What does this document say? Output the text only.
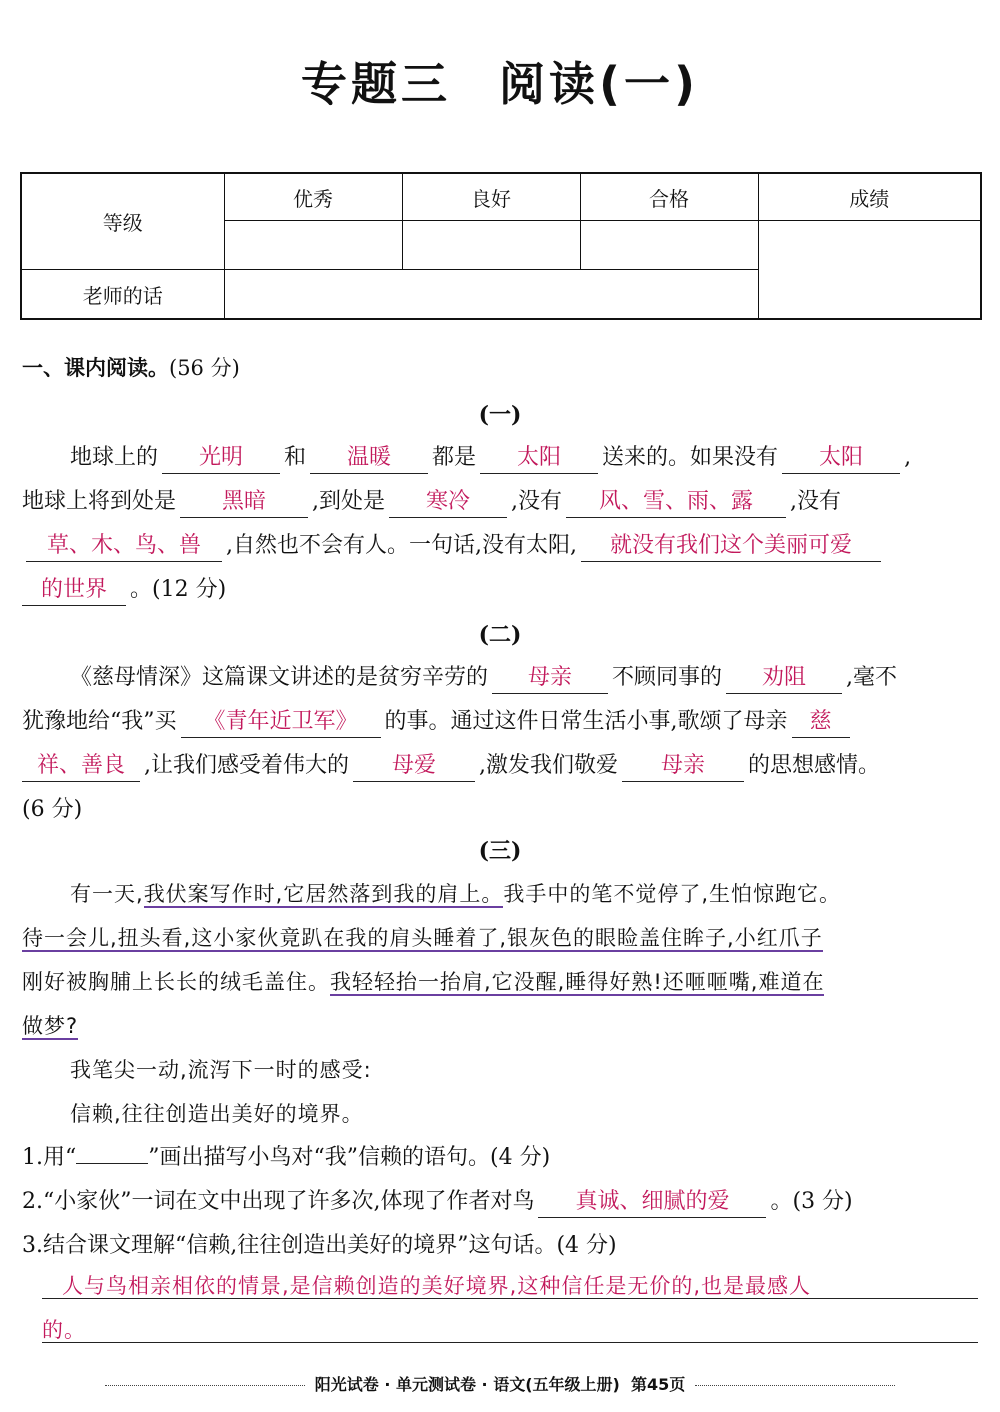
专题三 阅读(一)
等级	优秀	良好	合格	成绩

老师的话				
一、课内阅读。(56 分)
(一)
地球上的 光明 和 温暖 都是 太阳 送来的。如果没有 太阳 ,
地球上将到处是 黑暗 ,到处是 寒冷 ,没有 风、雪、雨、露 ,没有
草、木、鸟、兽 ,自然也不会有人。一句话,没有太阳, 就没有我们这个美丽可爱
的世界 。(12 分)
(二)
《慈母情深》这篇课文讲述的是贫穷辛劳的 母亲 不顾同事的 劝阻 ,毫不
犹豫地给“我”买 《青年近卫军》 的事。通过这件日常生活小事,歌颂了母亲 慈
祥、善良 ,让我们感受着伟大的 母爱 ,激发我们敬爱 母亲 的思想感情。
(6 分)
(三)
有一天,我伏案写作时,它居然落到我的肩上。我手中的笔不觉停了,生怕惊跑它。
待一会儿,扭头看,这小家伙竟趴在我的肩头睡着了,银灰色的眼睑盖住眸子,小红爪子
刚好被胸脯上长长的绒毛盖住。我轻轻抬一抬肩,它没醒,睡得好熟!还咂咂嘴,难道在
做梦?
我笔尖一动,流泻下一时的感受:
信赖,往往创造出美好的境界。
1.用“	”画出描写小鸟对“我”信赖的语句。(4 分)
2.“小家伙”一词在文中出现了许多次,体现了作者对鸟 真诚、细腻的爱 。(3 分)
3.结合课文理解“信赖,往往创造出美好的境界”这句话。(4 分)
人与鸟相亲相依的情景,是信赖创造的美好境界,这种信任是无价的,也是最感人
的。
阳光试卷 · 单元测试卷 · 语文(五年级上册) 第45页
